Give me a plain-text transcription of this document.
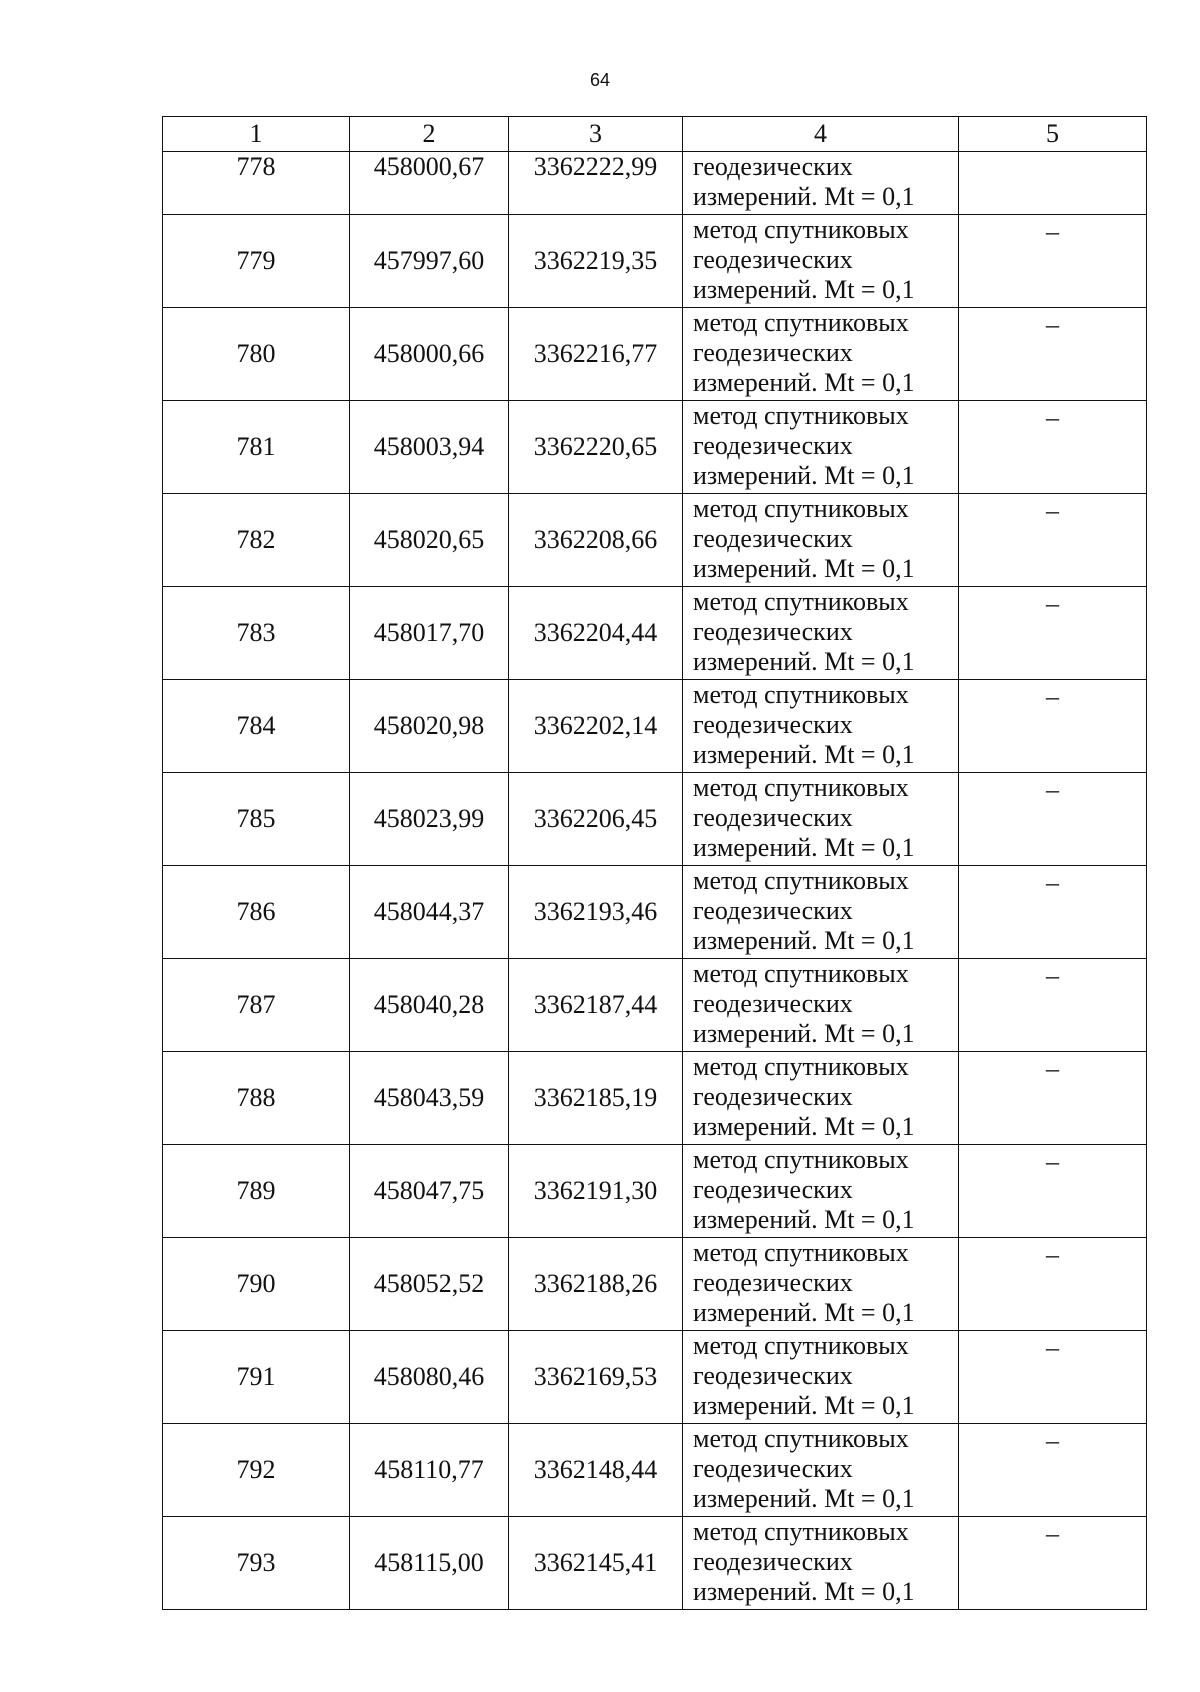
64
1	2	3	4	5
778	458000,67	3362222,99	геодезических
измерений. Mt = 0,1	

779	457997,60	3362219,35	метод спутниковых
геодезических
измерений. Mt = 0,1	–
780	458000,66	3362216,77	метод спутниковых
геодезических
измерений. Mt = 0,1	–
781	458003,94	3362220,65	метод спутниковых
геодезических
измерений. Mt = 0,1	–
782	458020,65	3362208,66	метод спутниковых
геодезических
измерений. Mt = 0,1	–
783	458017,70	3362204,44	метод спутниковых
геодезических
измерений. Mt = 0,1	–
784	458020,98	3362202,14	метод спутниковых
геодезических
измерений. Mt = 0,1	–
785	458023,99	3362206,45	метод спутниковых
геодезических
измерений. Mt = 0,1	–
786	458044,37	3362193,46	метод спутниковых
геодезических
измерений. Mt = 0,1	–
787	458040,28	3362187,44	метод спутниковых
геодезических
измерений. Mt = 0,1	–
788	458043,59	3362185,19	метод спутниковых
геодезических
измерений. Mt = 0,1	–
789	458047,75	3362191,30	метод спутниковых
геодезических
измерений. Mt = 0,1	–
790	458052,52	3362188,26	метод спутниковых
геодезических
измерений. Mt = 0,1	–
791	458080,46	3362169,53	метод спутниковых
геодезических
измерений. Mt = 0,1	–
792	458110,77	3362148,44	метод спутниковых
геодезических
измерений. Mt = 0,1	–
793	458115,00	3362145,41	метод спутниковых
геодезических
измерений. Mt = 0,1	–
